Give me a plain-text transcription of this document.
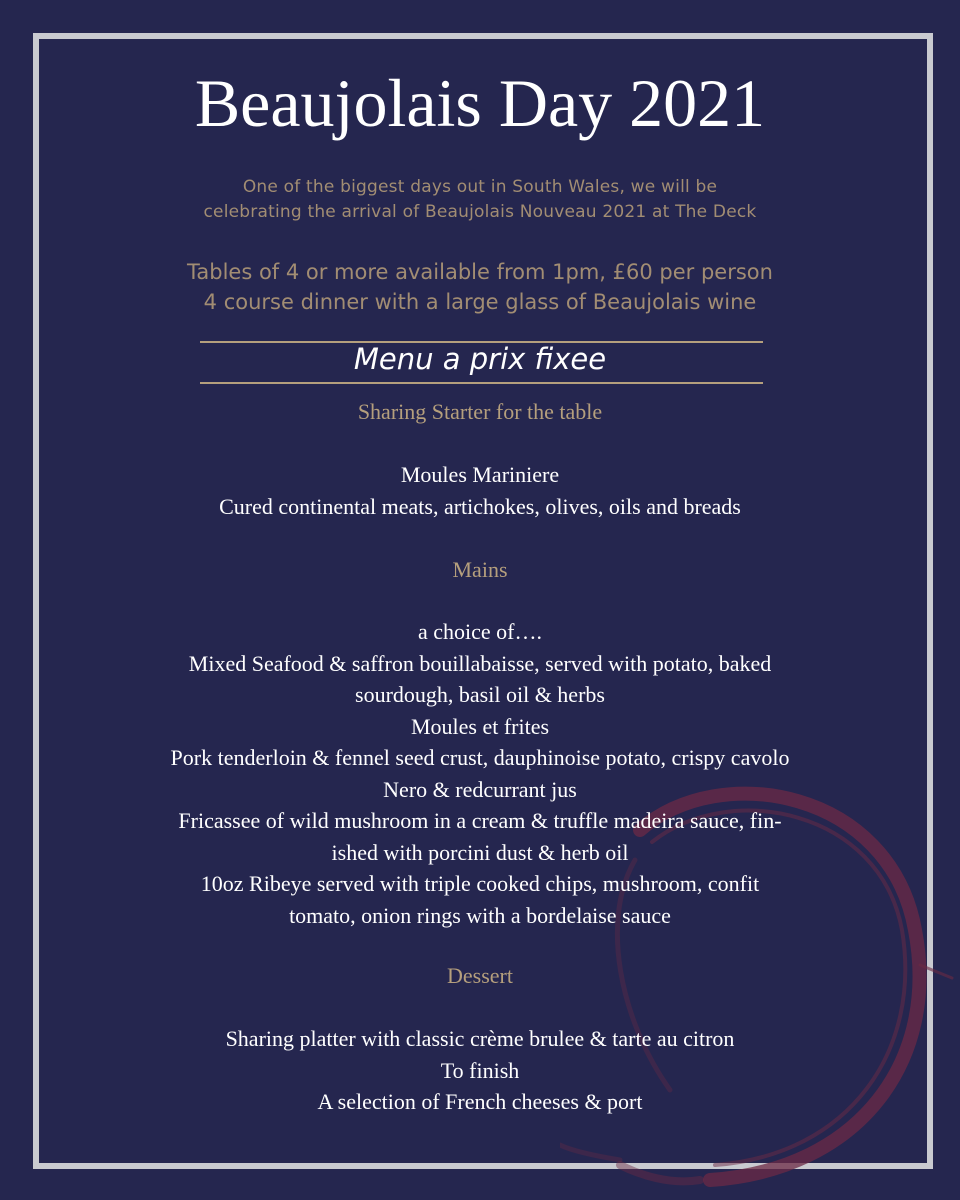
Beaujolais Day 2021
One of the biggest days out in South Wales, we will be
celebrating the arrival of Beaujolais Nouveau 2021 at The Deck
Tables of 4 or more available from 1pm, £60 per person
4 course dinner with a large glass of Beaujolais wine
Menu a prix fixee
Sharing Starter for the table
Moules Mariniere
Cured continental meats, artichokes, olives, oils and breads
Mains
a choice of….
Mixed Seafood & saffron bouillabaisse, served with potato, baked
sourdough, basil oil & herbs
Moules et frites
Pork tenderloin & fennel seed crust, dauphinoise potato, crispy cavolo
Nero & redcurrant jus
Fricassee of wild mushroom in a cream & truffle madeira sauce, fin-
ished with porcini dust & herb oil
10oz Ribeye served with triple cooked chips, mushroom, confit
tomato, onion rings with a bordelaise sauce
Dessert
Sharing platter with classic crème brulee & tarte au citron
To finish
A selection of French cheeses & port
